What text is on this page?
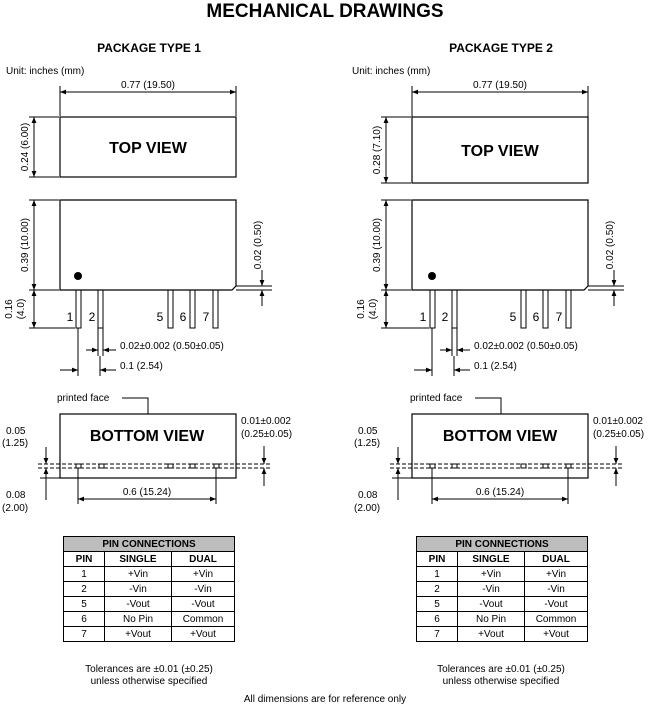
MECHANICAL DRAWINGS
PACKAGE TYPE 1
Unit: inches (mm)
0.77 (19.50)
TOP VIEW
0.24 (6.00)
0.39 (10.00)
0.16 (4.0)
0.02 (0.50)
1 2	5 6 7
0.02±0.002 (0.50±0.05)
0.1 (2.54)
printed face
BOTTOM VIEW
0.01±0.002
(0.25±0.05)
0.05
(1.25)
0.08
(2.00)
0.6 (15.24)
PACKAGE TYPE 2
Unit: inches (mm)
0.77 (19.50)
TOP VIEW
0.28 (7.10)
0.39 (10.00)
0.16 (4.0)
0.02 (0.50)
1 2	5 6 7
0.02±0.002 (0.50±0.05)
0.1 (2.54)
printed face
BOTTOM VIEW
0.01±0.002
(0.25±0.05)
0.05
(1.25)
0.08
(2.00)
0.6 (15.24)
All dimensions are for reference only
PIN CONNECTIONS		
PIN	SINGLE	DUAL
1	+Vin	+Vin
2	-Vin	-Vin
5	-Vout	-Vout
6	No Pin	Common
7	+Vout	+Vout
PIN CONNECTIONS		
PIN	SINGLE	DUAL
1	+Vin	+Vin
2	-Vin	-Vin
5	-Vout	-Vout
6	No Pin	Common
7	+Vout	+Vout
Tolerances are ±0.01 (±0.25)
unless otherwise specified
Tolerances are ±0.01 (±0.25)
unless otherwise specified
